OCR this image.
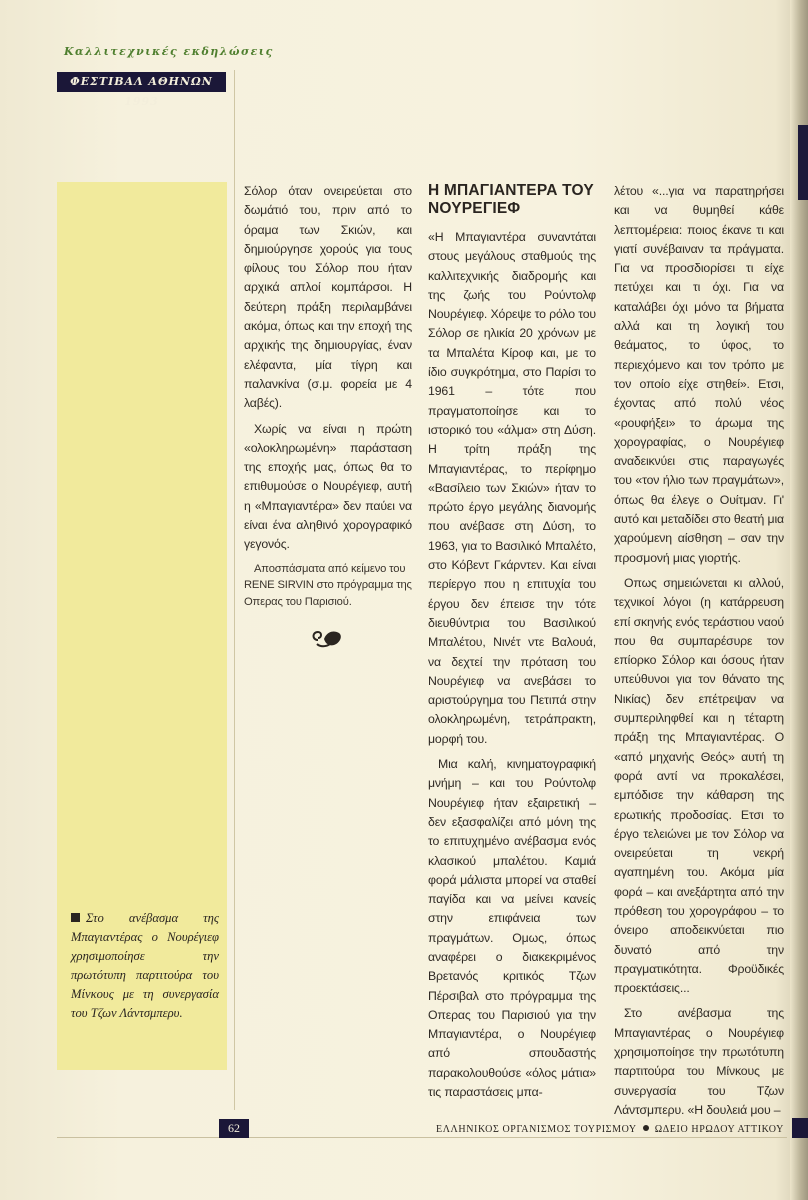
Καλλιτεχνικές εκδηλώσεις
ΦΕΣΤΙΒΑΛ ΑΘΗΝΩΝ 1993
Στο ανέβασμα της Μπαγιαντέρας ο Νουρέγιεφ χρησιμοποίησε την πρωτότυπη παρτιτούρα του Μίνκους με τη συνεργασία του Τζων Λάντσμπερυ.

Σόλορ όταν ονειρεύεται στο δωμάτιό του, πριν από το όραμα των Σκιών, και δημιούργησε χορούς για τους φίλους του Σόλορ που ήταν αρχικά απλοί κομπάρσοι. Η δεύτερη πράξη περιλαμβάνει ακόμα, όπως και την εποχή της αρχικής της δημιουργίας, έναν ελέφαντα, μία τίγρη και παλανκίνα (σ.μ. φορεία με 4 λαβές).

Χωρίς να είναι η πρώτη «ολοκληρωμένη» παράσταση της εποχής μας, όπως θα το επιθυμούσε ο Νουρέγιεφ, αυτή η «Μπαγιαντέρα» δεν παύει να είναι ένα αληθινό χορογραφικό γεγονός.

Αποσπάσματα από κείμενο του RENE SIRVIN στο πρόγραμμα της Οπερας του Παρισιού.

Η ΜΠΑΓΙΑΝΤΕΡΑ ΤΟΥ ΝΟΥΡΕΓΙΕΦ

«Η Μπαγιαντέρα συναντάται στους μεγάλους σταθμούς της καλλιτεχνικής διαδρομής και της ζωής του Ρούντολφ Νουρέγιεφ. Χόρεψε το ρόλο του Σόλορ σε ηλικία 20 χρόνων με τα Μπαλέτα Κίροφ και, με το ίδιο συγκρότημα, στο Παρίσι το 1961 – τότε που πραγματοποίησε και το ιστορικό του «άλμα» στη Δύση. Η τρίτη πράξη της Μπαγιαντέρας, το περίφημο «Βασίλειο των Σκιών» ήταν το πρώτο έργο μεγάλης διανομής που ανέβασε στη Δύση, το 1963, για το Βασιλικό Μπαλέτο, στο Κόβεντ Γκάρντεν. Και είναι περίεργο που η επιτυχία του έργου δεν έπεισε την τότε διευθύντρια του Βασιλικού Μπαλέτου, Νινέτ ντε Βαλουά, να δεχτεί την πρόταση του Νουρέγιεφ να ανεβάσει το αριστούργημα του Πετιπά στην ολοκληρωμένη, τετράπρακτη, μορφή του.

Μια καλή, κινηματογραφική μνήμη – και του Ρούντολφ Νουρέγιεφ ήταν εξαιρετική – δεν εξασφαλίζει από μόνη της το επιτυχημένο ανέβασμα ενός κλασικού μπαλέτου. Καμιά φορά μάλιστα μπορεί να σταθεί παγίδα και να μείνει κανείς στην επιφάνεια των πραγμάτων. Ομως, όπως αναφέρει ο διακεκριμένος Βρετανός κριτικός Τζων Πέρσιβαλ στο πρόγραμμα της Οπερας του Παρισιού για την Μπαγιαντέρα, ο Νουρέγιεφ από σπουδαστής παρακολουθούσε «όλος μάτια» τις παραστάσεις μπα-

λέτου «...για να παρατηρήσει και να θυμηθεί κάθε λεπτομέρεια: ποιος έκανε τι και γιατί συνέβαιναν τα πράγματα. Για να προσδιορίσει τι είχε πετύχει και τι όχι. Για να καταλάβει όχι μόνο τα βήματα αλλά και τη λογική του θεάματος, το ύφος, το περιεχόμενο και τον τρόπο με τον οποίο είχε στηθεί». Ετσι, έχοντας από πολύ νέος «ρουφήξει» το άρωμα της χορογραφίας, ο Νουρέγιεφ αναδεικνύει στις παραγωγές του «τον ήλιο των πραγμάτων», όπως θα έλεγε ο Ουίτμαν. Γι' αυτό και μεταδίδει στο θεατή μια χαρούμενη αίσθηση – σαν την προσμονή μιας γιορτής.

Οπως σημειώνεται κι αλλού, τεχνικοί λόγοι (η κατάρρευση επί σκηνής ενός τεράστιου ναού που θα συμπαρέσυρε τον επίορκο Σόλορ και όσους ήταν υπεύθυνοι για τον θάνατο της Νικίας) δεν επέτρεψαν να συμπεριληφθεί και η τέταρτη πράξη της Μπαγιαντέρας. Ο «από μηχανής Θεός» αυτή τη φορά αντί να προκαλέσει, εμπόδισε την κάθαρση της ερωτικής προδοσίας. Ετσι το έργο τελειώνει με τον Σόλορ να ονειρεύεται τη νεκρή αγαπημένη του. Ακόμα μία φορά – και ανεξάρτητα από την πρόθεση του χορογράφου – το όνειρο αποδεικνύεται πιο δυνατό από την πραγματικότητα. Φροϋδικές προεκτάσεις...

Στο ανέβασμα της Μπαγιαντέρας ο Νουρέγιεφ χρησιμοποίησε την πρωτότυπη παρτιτούρα του Μίνκους με συνεργασία του Τζων Λάντσμπερυ. «Η δουλειά μου –

62	ΕΛΛΗΝΙΚΟΣ ΟΡΓΑΝΙΣΜΟΣ ΤΟΥΡΙΣΜΟΥ ΩΔΕΙΟ ΗΡΩΔΟΥ ΑΤΤΙΚΟΥ
